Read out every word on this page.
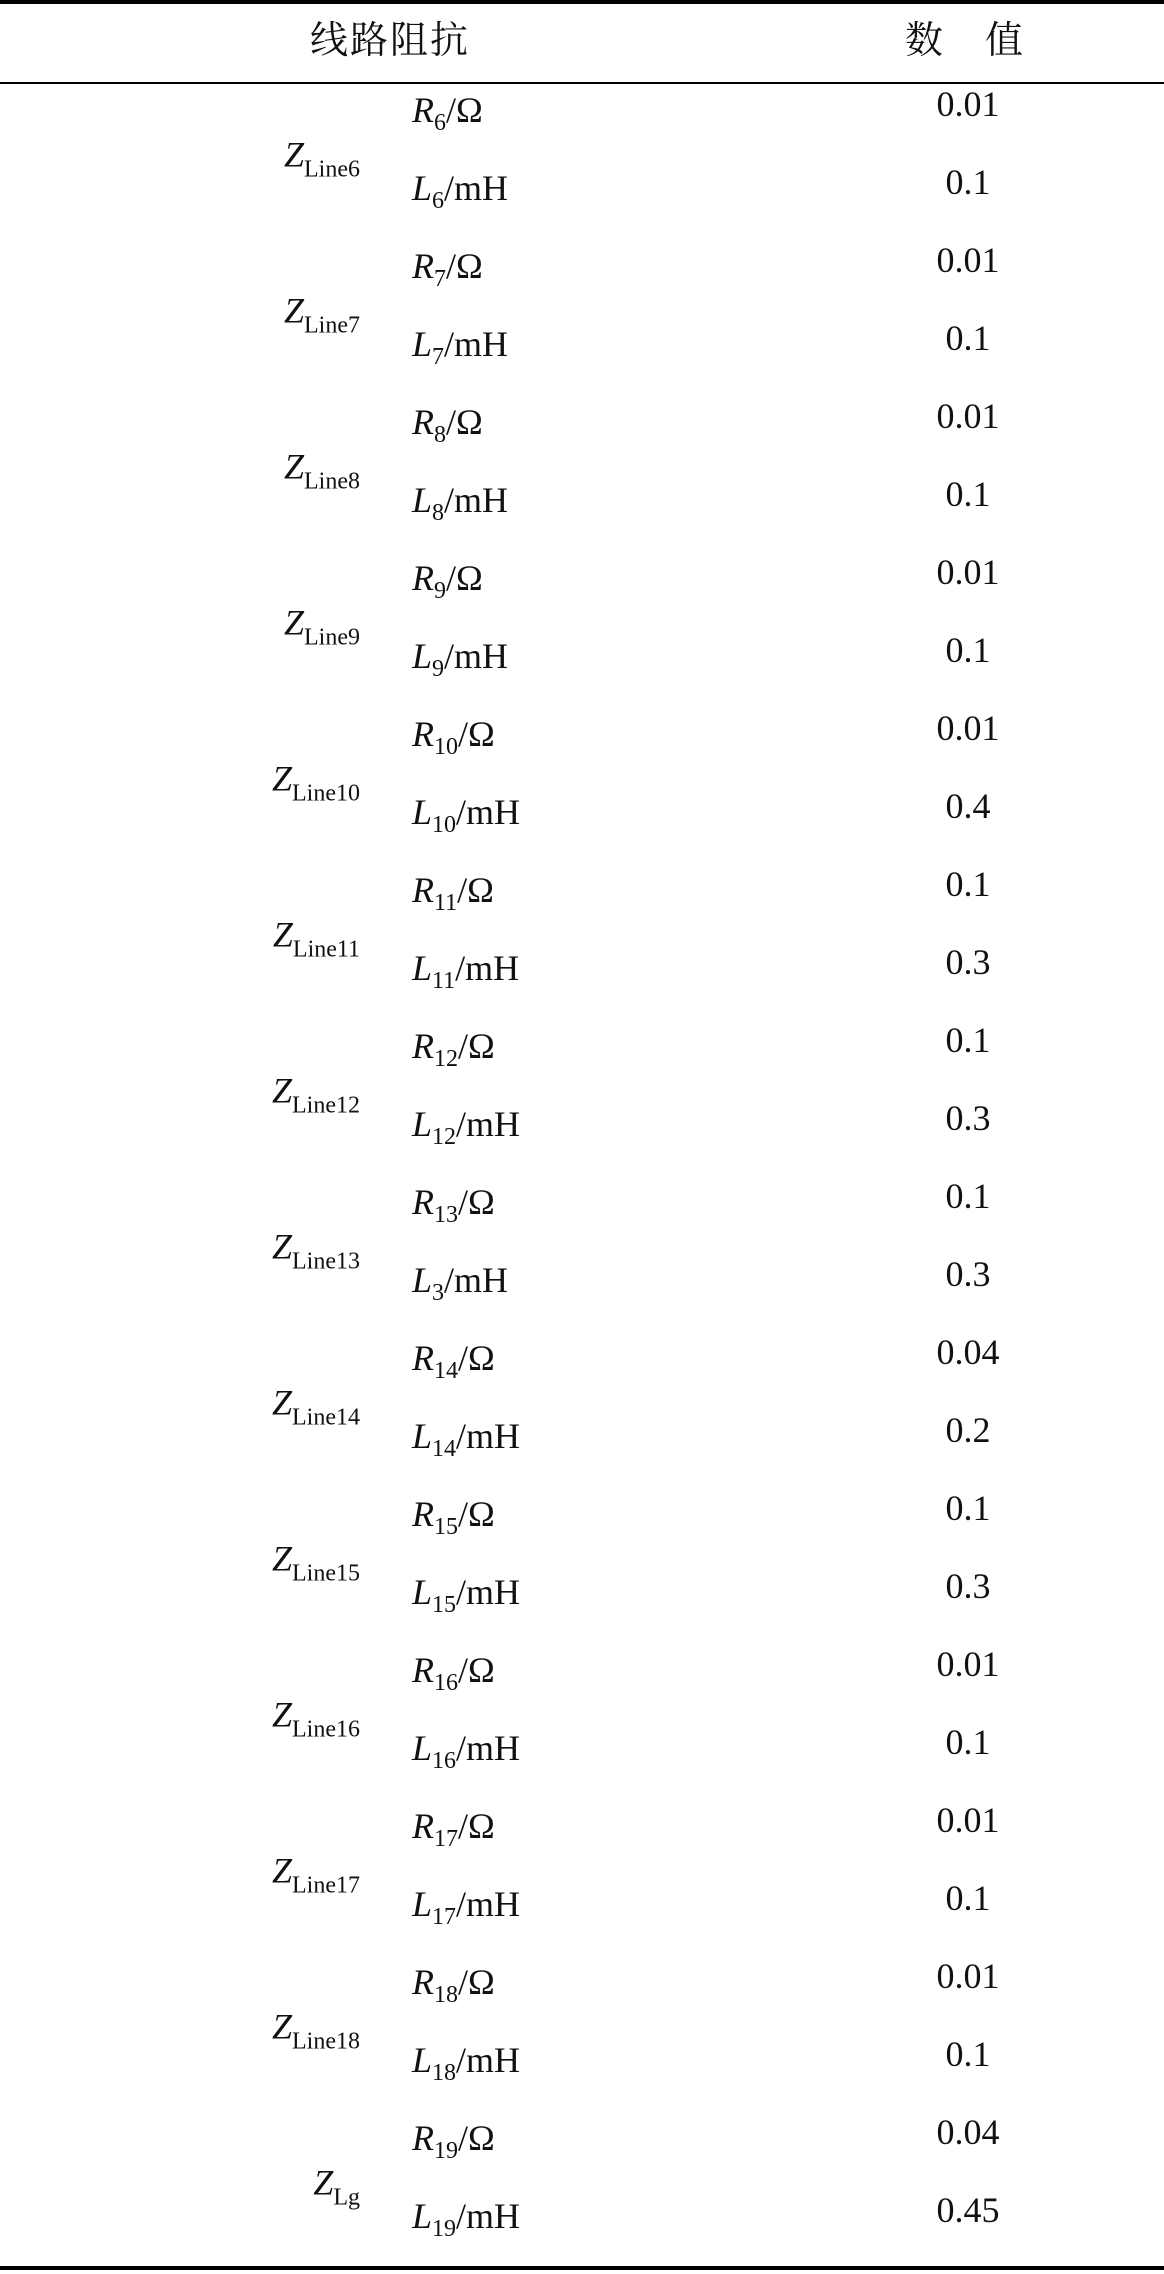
线路阻抗	数　值
$Z_{Line6}$
$R_6/\Omega$	0.01
$L_6/mH$	0.1
$Z_{Line7}$
$R_7/\Omega$	0.01
$L_7/mH$	0.1
$Z_{Line8}$
$R_8/\Omega$	0.01
$L_8/mH$	0.1
$Z_{Line9}$
$R_9/\Omega$	0.01
$L_9/mH$	0.1
$Z_{Line10}$
$R_{10}/\Omega$	0.01
$L_{10}/mH$	0.4
$Z_{Line11}$
$R_{11}/\Omega$	0.1
$L_{11}/mH$	0.3
$Z_{Line12}$
$R_{12}/\Omega$	0.1
$L_{12}/mH$	0.3
$Z_{Line13}$
$R_{13}/\Omega$	0.1
$L_3/mH$	0.3
$Z_{Line14}$
$R_{14}/\Omega$	0.04
$L_{14}/mH$	0.2
$Z_{Line15}$
$R_{15}/\Omega$	0.1
$L_{15}/mH$	0.3
$Z_{Line16}$
$R_{16}/\Omega$	0.01
$L_{16}/mH$	0.1
$Z_{Line17}$
$R_{17}/\Omega$	0.01
$L_{17}/mH$	0.1
$Z_{Line18}$
$R_{18}/\Omega$	0.01
$L_{18}/mH$	0.1
$Z_{Lg}$
$R_{19}/\Omega$	0.04
$L_{19}/mH$	0.45
